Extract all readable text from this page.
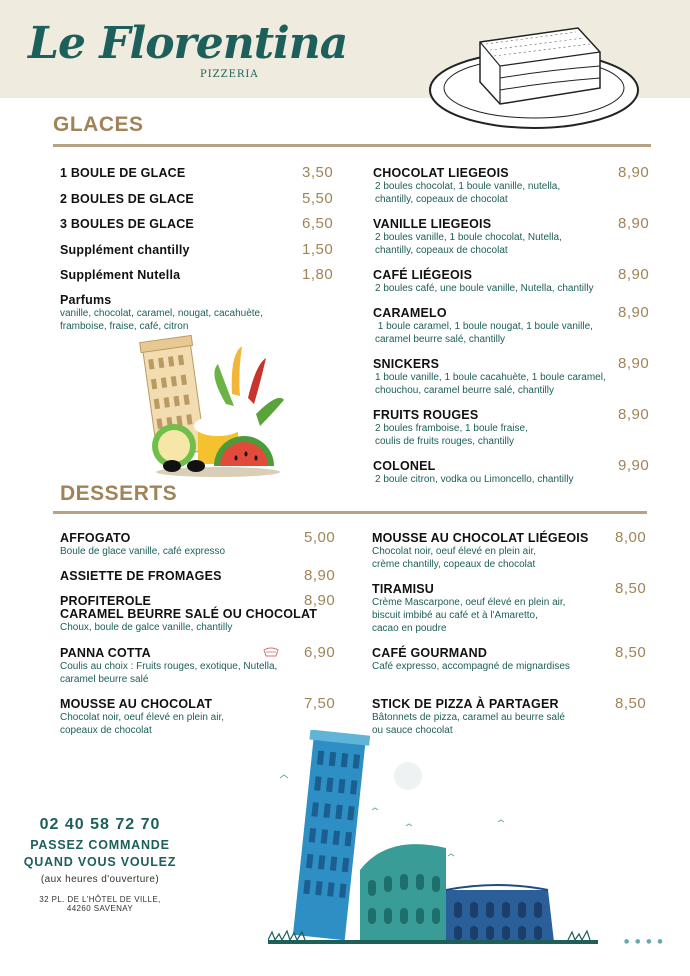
Le Florentina
PIZZERIA
GLACES
1 BOULE DE GLACE	3,50
2 BOULES DE GLACE	5,50
3 BOULES DE GLACE	6,50
Supplément chantilly	1,50
Supplément Nutella	1,80
Parfums
vanille, chocolat, caramel, nougat, cacahuète,
framboise, fraise, café, citron
CHOCOLAT LIEGEOIS	8,90
2 boules chocolat, 1 boule vanille, nutella,
chantilly, copeaux de chocolat
VANILLE LIEGEOIS	8,90
2 boules vanille, 1 boule chocolat, Nutella,
chantilly, copeaux de chocolat
CAFÉ LIÉGEOIS	8,90
2 boules café, une boule vanille, Nutella, chantilly
CARAMELO	8,90
1 boule caramel, 1 boule nougat, 1 boule vanille,
caramel beurre salé, chantilly
SNICKERS	8,90
1 boule vanille, 1 boule cacahuète, 1 boule caramel,
chouchou, caramel beurre salé, chantilly
FRUITS ROUGES	8,90
2 boules framboise, 1 boule fraise,
coulis de fruits rouges, chantilly
COLONEL	9,90
2 boule citron, vodka ou Limoncello, chantilly
DESSERTS
AFFOGATO	5,00
Boule de glace vanille, café expresso
ASSIETTE DE FROMAGES	8,90
PROFITEROLE
CARAMEL BEURRE SALÉ OU CHOCOLAT
8,90
Choux, boule de galce vanille, chantilly
PANNA COTTA	6,90
Coulis au choix : Fruits rouges, exotique, Nutella,
caramel beurre salé
MOUSSE AU CHOCOLAT	7,50
Chocolat noir, oeuf élevé en plein air,
copeaux de chocolat
MOUSSE AU CHOCOLAT LIÉGEOIS 8,00
Chocolat noir, oeuf élevé en plein air,
crème chantilly, copeaux de chocolat
TIRAMISU	8,50
Crème Mascarpone, oeuf élevé en plein air,
biscuit imbibé au café et à l'Amaretto,
cacao en poudre
CAFÉ GOURMAND	8,50
Café expresso, accompagné de mignardises
STICK DE PIZZA À PARTAGER	8,50
Bâtonnets de pizza, caramel au beurre salé
ou sauce chocolat
02 40 58 72 70
PASSEZ COMMANDE
QUAND VOUS VOULEZ
(aux heures d'ouverture)
32 PL. DE L'HÔTEL DE VILLE,
44260 SAVENAY
● ● ● ●
